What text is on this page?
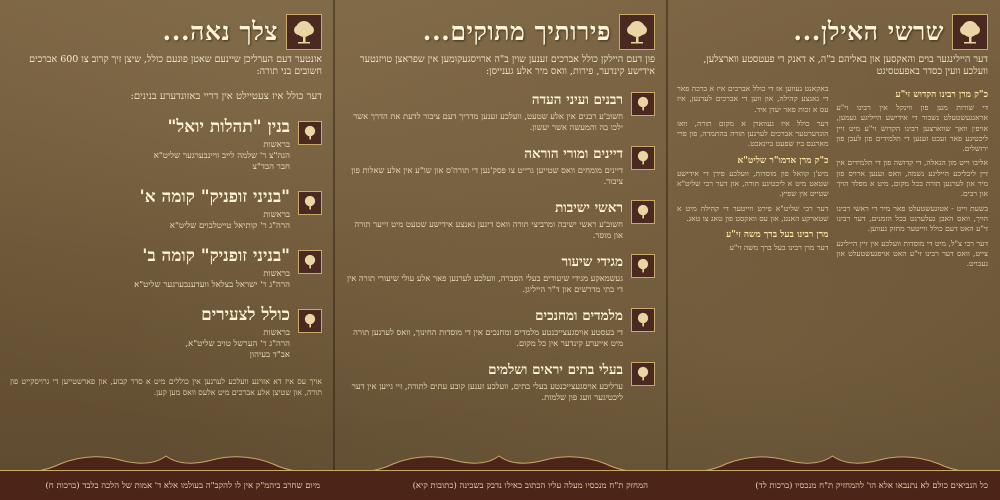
שרשי האילן...
דער היילינגער בוים והאקסען און באליהם ב"ה, א דאנק די פעטסטע ווארצלען, וועלכע וועין כסדר באפעטסיגט
כ"ק מרן רבינו הקדוש זי"ע

די שורות מען פון ווינקל אין רבינו זי"ע אראנגעשטעלט נשכור די אידישע הייליגע געמען, אויפ׳ן וואך שווארצען רבינו הקדוש זי"ע מיט זיין ליכטיגע פאר זעכט זענען די תלמידים פון לעבן פון ירושלים.

אליבו וייט מון הגאלה, די קדושה פון די תלמידים אין זיין ליבליכע הייליגע נשמה, וואס זענען ארויס פון מיר און לערנען תורה בכל מקום, מיט א מפלד הויך און רבים.

בשעת וייט - אטוגעשטעלט פאר מיר די ראשי רבינו הויך, וואס האבן געלערנט בכל הזמנים, דער רבינו זי"ע האט דעם כולל ווייטער מחזק געווען.

דער רבי צ"ל, מיט די מוסדות וועלכע אין זיין הייליגע צייט, וואס דער רבינו זי"ע האט אויפגעשטעלט און געבויט.

באקאנט געווען אז די כולל אברכים איז א ברכה פאר די גאנצע קהילה, און ווען די אברכים לערנען, איז עס א זכות פאר יעדן איד.

דער כולל איז געווארן א מקום תורה, וואו הונדערטער אברכים לערנען תורה בהתמדה, פון פרי מארגנס ביז שפעט ביינאכט.

כ"ק מרן אדמו"ר שליט"א

מיט'ן קוואל פון מוסדות, וועלכע פירן די אידישע שטאט מיט א ליכטיגע תורה, און דער רבי שליט"א שטייט אין שפיץ.

דער רבי שליט"א פירט ווייטער די קהילה מיט א שטארקע האנט, און עס וואקסט פון טאג צו טאג.

מרן רבינו בעל ברך משה זי"ע

דער מרן רבינו בעל ברך משה זי"ע

פירותיך מתוקים...
פון דעם היילקן כולל אברכים זענען שוין ב"ה ארויסגעקומען אין שפראצן טויזנטער אידישע קינדער, פירות, וואס מיר אלע גענייסן:
רבנים ועיני העדה
חשוב'ע רבנים אין אלע שטעט, וועלכע זענען מדריך דעם ציבור לדעת את הדרך אשר ילכו בה והמעשה אשר יעשון.
דיינים ומורי הוראה
דיינים מומחים וואס שטייען גרייט צו פסק'נען די תורה'ס און שו"ע אין אלע שאלות פון ציבור.
ראשי ישיבות
חשוב'ע ראשי ישיבה ומרביצי תורה וואס דינען גאנצע אידישע שטעט מיט זייער תורה און מוסר.
מגידי שיעור
געשמאקע מגידי שיעורים בעלי הסברה, וועלכע לערנען פאר אלע עולי שיעורי תורה אין די בתי מדרשים און ד"ר הייליגן.
מלמדים ומחנכים
די בעסטע אויסגעצייכנטע מלמדים ומחנכים אין די מוסדות החינוך, וואס לערנען תורה מיט אייערע קינדער אין כל מקום.
בעלי בתים יראים ושלמים
ערליכע אויסגעצייכנטע בעלי בתים, וועלכע זענען קובע עתים לתורה, זיי גייען אין דער ליכטיגער וועג פון שלמות.
צלך נאה...
אונטער דעם הערליכן שיינעם שאטן פונעם כולל, שיצן זיך קרוב צו 600 אברכים חשובים בני תורה:
דער כולל איז צעטיילט אין דריי באזונדערע בנינים:
בנין "תהלות יואל"
בראשות
הגה"צ ר' שלמה לייב וויינבערגער שליט"א
חבר הבד"צ
"בניני זופניק" קומה א'
בראשות
הרה"ג ר' קותיאל טייטלבוים שליט"א
"בניני זופניק" קומה ב'
בראשות
הרה"ג ר' ישראל בצלאל וועדענבערגער שליט"א
כולל לצעירים
בראשות
הרה"ג ר' הערשל טויב שליט"א,
אב"ד בעיהון
אויך עס איז דא אזוינע וועלכע לערנען אין כוללים מיט א סדר קבוע, און פארשטייען די גרויסקייט פון תורה, און שטיצן אלע אברכים מיט אלעס וואס מען קען.
כל הנביאים כולם לא נתנבאו אלא הו' להמחזיק ת"ח מנכסיו (ברכות לד)
המחזק ת"ח מנכסיו מעלה עליו הכתוב כאילו נדבק בשכינה (כתובות קיא)
מיום שחרב ביהמ"ק אין לו להקב"ה בעולמו אלא ד' אמות של הלכה בלבד (ברכות ח)
